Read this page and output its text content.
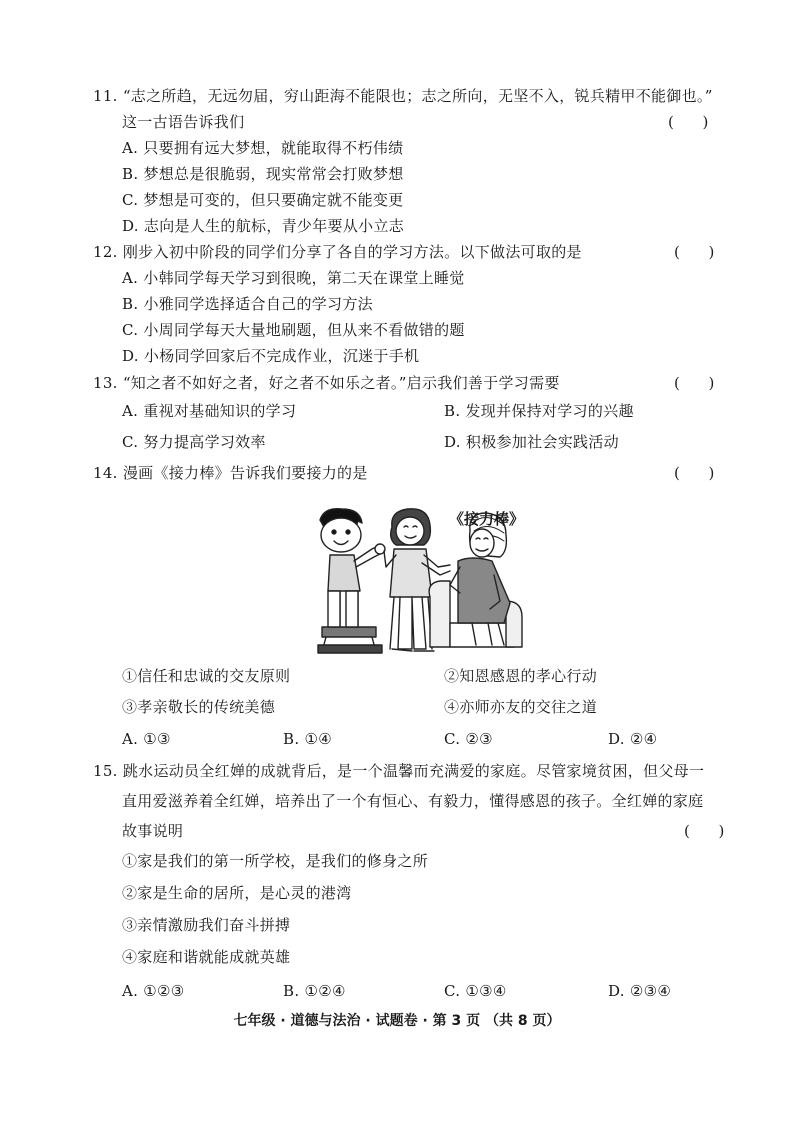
11. “志之所趋，无远勿届，穷山距海不能限也；志之所向，无坚不入，锐兵精甲不能御也。”
这一古语告诉我们	(      )
A. 只要拥有远大梦想，就能取得不朽伟绩
B. 梦想总是很脆弱，现实常常会打败梦想
C. 梦想是可变的，但只要确定就不能变更
D. 志向是人生的航标，青少年要从小立志
12. 刚步入初中阶段的同学们分享了各自的学习方法。以下做法可取的是	(      )
A. 小韩同学每天学习到很晚，第二天在课堂上睡觉
B. 小雅同学选择适合自己的学习方法
C. 小周同学每天大量地刷题，但从来不看做错的题
D. 小杨同学回家后不完成作业，沉迷于手机
13. “知之者不如好之者，好之者不如乐之者。”启示我们善于学习需要	(      )
A. 重视对基础知识的学习	B. 发现并保持对学习的兴趣
C. 努力提高学习效率	D. 积极参加社会实践活动
14. 漫画《接力棒》告诉我们要接力的是	(      )
《接力棒》
①信任和忠诚的交友原则	②知恩感恩的孝心行动
③孝亲敬长的传统美德	④亦师亦友的交往之道
A. ①③	B. ①④	C. ②③	D. ②④
15. 跳水运动员全红婵的成就背后，是一个温馨而充满爱的家庭。尽管家境贫困，但父母一
直用爱滋养着全红婵，培养出了一个有恒心、有毅力，懂得感恩的孩子。全红婵的家庭
故事说明	(      )
①家是我们的第一所学校，是我们的修身之所
②家是生命的居所，是心灵的港湾
③亲情激励我们奋斗拼搏
④家庭和谐就能成就英雄
A. ①②③	B. ①②④	C. ①③④	D. ②③④
七年级 · 道德与法治 · 试题卷 · 第 3 页 （共 8 页）
